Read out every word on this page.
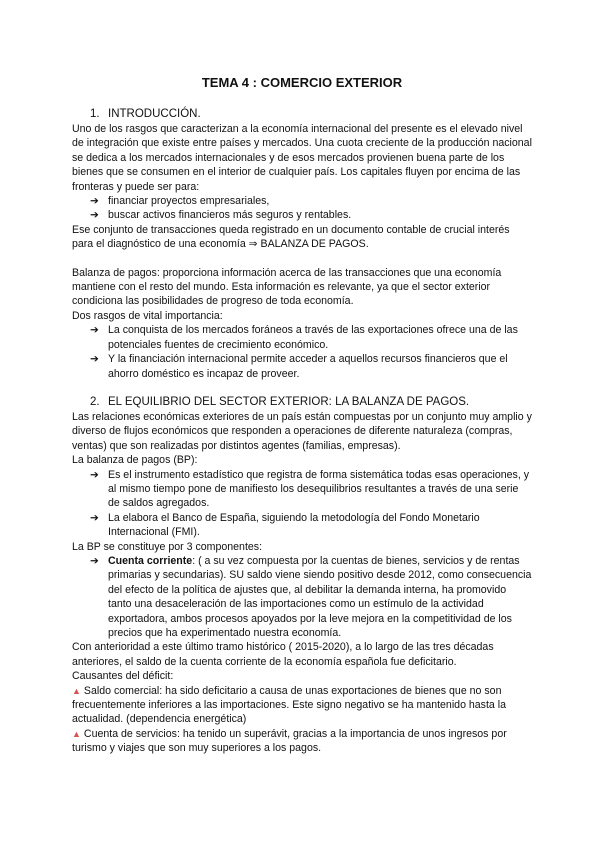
TEMA 4 : COMERCIO EXTERIOR
1. INTRODUCCIÓN.

Uno de los rasgos que caracterizan a la economía internacional del presente es el elevado nivel de integración que existe entre países y mercados. Una cuota creciente de la producción nacional se dedica a los mercados internacionales y de esos mercados provienen buena parte de los bienes que se consumen en el interior de cualquier país. Los capitales fluyen por encima de las fronteras y puede ser para:

➔ financiar proyectos empresariales,
➔ buscar activos financieros más seguros y rentables.

Ese conjunto de transacciones queda registrado en un documento contable de crucial interés para el diagnóstico de una economía ⇒ BALANZA DE PAGOS.

Balanza de pagos: proporciona información acerca de las transacciones que una economía mantiene con el resto del mundo. Esta información es relevante, ya que el sector exterior condiciona las posibilidades de progreso de toda economía.

Dos rasgos de vital importancia:

➔ La conquista de los mercados foráneos a través de las exportaciones ofrece una de las potenciales fuentes de crecimiento económico.
➔ Y la financiación internacional permite acceder a aquellos recursos financieros que el ahorro doméstico es incapaz de proveer.
2. EL EQUILIBRIO DEL SECTOR EXTERIOR: LA BALANZA DE PAGOS.

Las relaciones económicas exteriores de un país están compuestas por un conjunto muy amplio y diverso de flujos económicos que responden a operaciones de diferente naturaleza (compras, ventas) que son realizadas por distintos agentes (familias, empresas).

La balanza de pagos (BP):

➔ Es el instrumento estadístico que registra de forma sistemática todas esas operaciones, y al mismo tiempo pone de manifiesto los desequilibrios resultantes a través de una serie de saldos agregados.
➔ La elabora el Banco de España, siguiendo la metodología del Fondo Monetario Internacional (FMI).

La BP se constituye por 3 componentes:

➔ Cuenta corriente: ( a su vez compuesta por la cuentas de bienes, servicios y de rentas primarias y secundarias). SU saldo viene siendo positivo desde 2012, como consecuencia del efecto de la política de ajustes que, al debilitar la demanda interna, ha promovido tanto una desaceleración de las importaciones como un estímulo de la actividad exportadora, ambos procesos apoyados por la leve mejora en la competitividad de los precios que ha experimentado nuestra economía.

Con anterioridad a este último tramo histórico ( 2015-2020), a lo largo de las tres décadas anteriores, el saldo de la cuenta corriente de la economía española fue deficitario.

Causantes del déficit:

▲ Saldo comercial: ha sido deficitario a causa de unas exportaciones de bienes que no son frecuentemente inferiores a las importaciones. Este signo negativo se ha mantenido hasta la actualidad. (dependencia energética)

▲ Cuenta de servicios: ha tenido un superávit, gracias a la importancia de unos ingresos por turismo y viajes que son muy superiores a los pagos.
